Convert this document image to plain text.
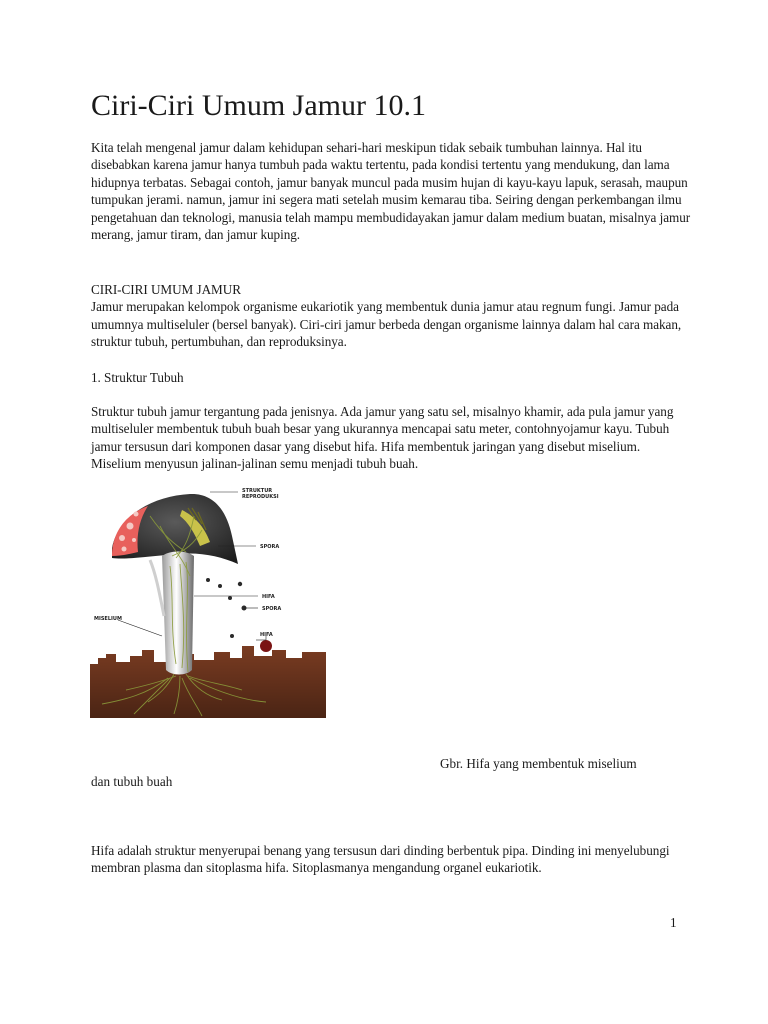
Ciri-Ciri Umum Jamur 10.1

Kita telah mengenal jamur dalam kehidupan sehari-hari meskipun tidak sebaik tumbuhan lainnya. Hal itu disebabkan karena jamur hanya tumbuh pada waktu tertentu, pada kondisi tertentu yang mendukung, dan lama hidupnya terbatas. Sebagai contoh, jamur banyak muncul pada musim hujan di kayu-kayu lapuk, serasah, maupun tumpukan jerami. namun, jamur ini segera mati setelah musim kemarau tiba. Seiring dengan perkembangan ilmu pengetahuan dan teknologi, manusia telah mampu membudidayakan jamur dalam medium buatan, misalnya jamur merang, jamur tiram, dan jamur kuping.

CIRI-CIRI UMUM JAMUR
Jamur merupakan kelompok organisme eukariotik yang membentuk dunia jamur atau regnum fungi. Jamur pada umumnya multiseluler (bersel banyak). Ciri-ciri jamur berbeda dengan organisme lainnya dalam hal cara makan, struktur tubuh, pertumbuhan, dan reproduksinya.

1. Struktur Tubuh

Struktur tubuh jamur tergantung pada jenisnya. Ada jamur yang satu sel, misalnyo khamir, ada pula jamur yang multiseluler membentuk tubuh buah besar yang ukurannya mencapai satu meter, contohnyojamur kayu. Tubuh jamur tersusun dari komponen dasar yang disebut hifa. Hifa membentuk jaringan yang disebut miselium. Miselium menyusun jalinan-jalinan semu menjadi tubuh buah.

STRUKTUR
REPRODUKSI
SPORA
HIFA
SPORA
HIFA
MISELIUM

Gbr. Hifa yang membentuk miselium

dan tubuh buah

Hifa adalah struktur menyerupai benang yang tersusun dari dinding berbentuk pipa. Dinding ini menyelubungi membran plasma dan sitoplasma hifa. Sitoplasmanya mengandung organel eukariotik.

1
